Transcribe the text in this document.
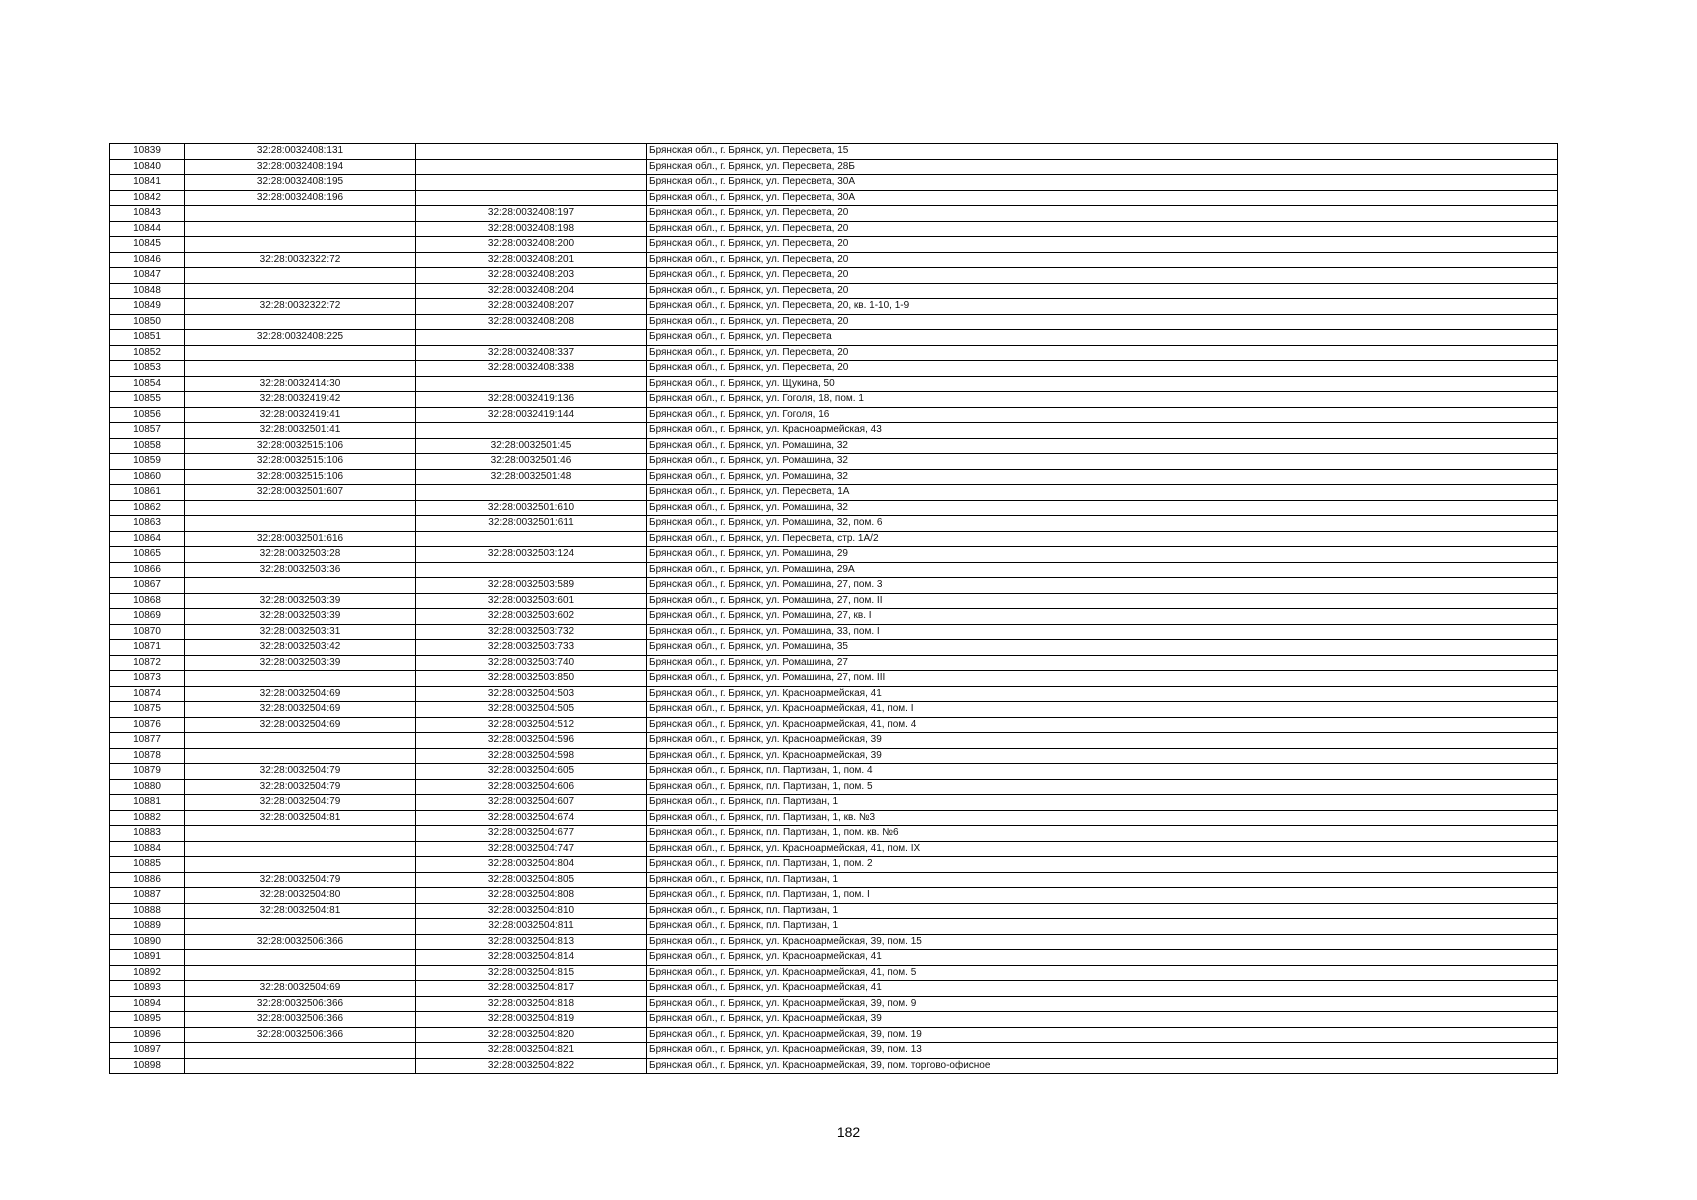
10839	32:28:0032408:131		Брянская обл., г. Брянск, ул. Пересвета, 15
10840	32:28:0032408:194		Брянская обл., г. Брянск, ул. Пересвета, 28Б
10841	32:28:0032408:195		Брянская обл., г. Брянск, ул. Пересвета, 30А
10842	32:28:0032408:196		Брянская обл., г. Брянск, ул. Пересвета, 30А
10843		32:28:0032408:197	Брянская обл., г. Брянск, ул. Пересвета, 20
10844		32:28:0032408:198	Брянская обл., г. Брянск, ул. Пересвета, 20
10845		32:28:0032408:200	Брянская обл., г. Брянск, ул. Пересвета, 20
10846	32:28:0032322:72	32:28:0032408:201	Брянская обл., г. Брянск, ул. Пересвета, 20
10847		32:28:0032408:203	Брянская обл., г. Брянск, ул. Пересвета, 20
10848		32:28:0032408:204	Брянская обл., г. Брянск, ул. Пересвета, 20
10849	32:28:0032322:72	32:28:0032408:207	Брянская обл., г. Брянск, ул. Пересвета, 20, кв. 1-10, 1-9
10850		32:28:0032408:208	Брянская обл., г. Брянск, ул. Пересвета, 20
10851	32:28:0032408:225		Брянская обл., г. Брянск, ул. Пересвета
10852		32:28:0032408:337	Брянская обл., г. Брянск, ул. Пересвета, 20
10853		32:28:0032408:338	Брянская обл., г. Брянск, ул. Пересвета, 20
10854	32:28:0032414:30		Брянская обл., г. Брянск, ул. Щукина, 50
10855	32:28:0032419:42	32:28:0032419:136	Брянская обл., г. Брянск, ул. Гоголя, 18, пом. 1
10856	32:28:0032419:41	32:28:0032419:144	Брянская обл., г. Брянск, ул. Гоголя, 16
10857	32:28:0032501:41		Брянская обл., г. Брянск, ул. Красноармейская, 43
10858	32:28:0032515:106	32:28:0032501:45	Брянская обл., г. Брянск, ул. Ромашина, 32
10859	32:28:0032515:106	32:28:0032501:46	Брянская обл., г. Брянск, ул. Ромашина, 32
10860	32:28:0032515:106	32:28:0032501:48	Брянская обл., г. Брянск, ул. Ромашина, 32
10861	32:28:0032501:607		Брянская обл., г. Брянск, ул. Пересвета, 1А
10862		32:28:0032501:610	Брянская обл., г. Брянск, ул. Ромашина, 32
10863		32:28:0032501:611	Брянская обл., г. Брянск, ул. Ромашина, 32, пом. 6
10864	32:28:0032501:616		Брянская обл., г. Брянск, ул. Пересвета, стр. 1А/2
10865	32:28:0032503:28	32:28:0032503:124	Брянская обл., г. Брянск, ул. Ромашина, 29
10866	32:28:0032503:36		Брянская обл., г. Брянск, ул. Ромашина, 29А
10867		32:28:0032503:589	Брянская обл., г. Брянск, ул. Ромашина, 27, пом. 3
10868	32:28:0032503:39	32:28:0032503:601	Брянская обл., г. Брянск, ул. Ромашина, 27, пом. II
10869	32:28:0032503:39	32:28:0032503:602	Брянская обл., г. Брянск, ул. Ромашина, 27, кв. I
10870	32:28:0032503:31	32:28:0032503:732	Брянская обл., г. Брянск, ул. Ромашина, 33, пом. I
10871	32:28:0032503:42	32:28:0032503:733	Брянская обл., г. Брянск, ул. Ромашина, 35
10872	32:28:0032503:39	32:28:0032503:740	Брянская обл., г. Брянск, ул. Ромашина, 27
10873		32:28:0032503:850	Брянская обл., г. Брянск, ул. Ромашина, 27, пом. III
10874	32:28:0032504:69	32:28:0032504:503	Брянская обл., г. Брянск, ул. Красноармейская, 41
10875	32:28:0032504:69	32:28:0032504:505	Брянская обл., г. Брянск, ул. Красноармейская, 41, пом. I
10876	32:28:0032504:69	32:28:0032504:512	Брянская обл., г. Брянск, ул. Красноармейская, 41, пом. 4
10877		32:28:0032504:596	Брянская обл., г. Брянск, ул. Красноармейская, 39
10878		32:28:0032504:598	Брянская обл., г. Брянск, ул. Красноармейская, 39
10879	32:28:0032504:79	32:28:0032504:605	Брянская обл., г. Брянск, пл. Партизан, 1, пом. 4
10880	32:28:0032504:79	32:28:0032504:606	Брянская обл., г. Брянск, пл. Партизан, 1, пом. 5
10881	32:28:0032504:79	32:28:0032504:607	Брянская обл., г. Брянск, пл. Партизан, 1
10882	32:28:0032504:81	32:28:0032504:674	Брянская обл., г. Брянск, пл. Партизан, 1, кв. №3
10883		32:28:0032504:677	Брянская обл., г. Брянск, пл. Партизан, 1, пом. кв. №6
10884		32:28:0032504:747	Брянская обл., г. Брянск, ул. Красноармейская, 41, пом. IX
10885		32:28:0032504:804	Брянская обл., г. Брянск, пл. Партизан, 1, пом. 2
10886	32:28:0032504:79	32:28:0032504:805	Брянская обл., г. Брянск, пл. Партизан, 1
10887	32:28:0032504:80	32:28:0032504:808	Брянская обл., г. Брянск, пл. Партизан, 1, пом. I
10888	32:28:0032504:81	32:28:0032504:810	Брянская обл., г. Брянск, пл. Партизан, 1
10889		32:28:0032504:811	Брянская обл., г. Брянск, пл. Партизан, 1
10890	32:28:0032506:366	32:28:0032504:813	Брянская обл., г. Брянск, ул. Красноармейская, 39, пом. 15
10891		32:28:0032504:814	Брянская обл., г. Брянск, ул. Красноармейская, 41
10892		32:28:0032504:815	Брянская обл., г. Брянск, ул. Красноармейская, 41, пом. 5
10893	32:28:0032504:69	32:28:0032504:817	Брянская обл., г. Брянск, ул. Красноармейская, 41
10894	32:28:0032506:366	32:28:0032504:818	Брянская обл., г. Брянск, ул. Красноармейская, 39, пом. 9
10895	32:28:0032506:366	32:28:0032504:819	Брянская обл., г. Брянск, ул. Красноармейская, 39
10896	32:28:0032506:366	32:28:0032504:820	Брянская обл., г. Брянск, ул. Красноармейская, 39, пом. 19
10897		32:28:0032504:821	Брянская обл., г. Брянск, ул. Красноармейская, 39, пом. 13
10898		32:28:0032504:822	Брянская обл., г. Брянск, ул. Красноармейская, 39, пом. торгово-офисное
182
